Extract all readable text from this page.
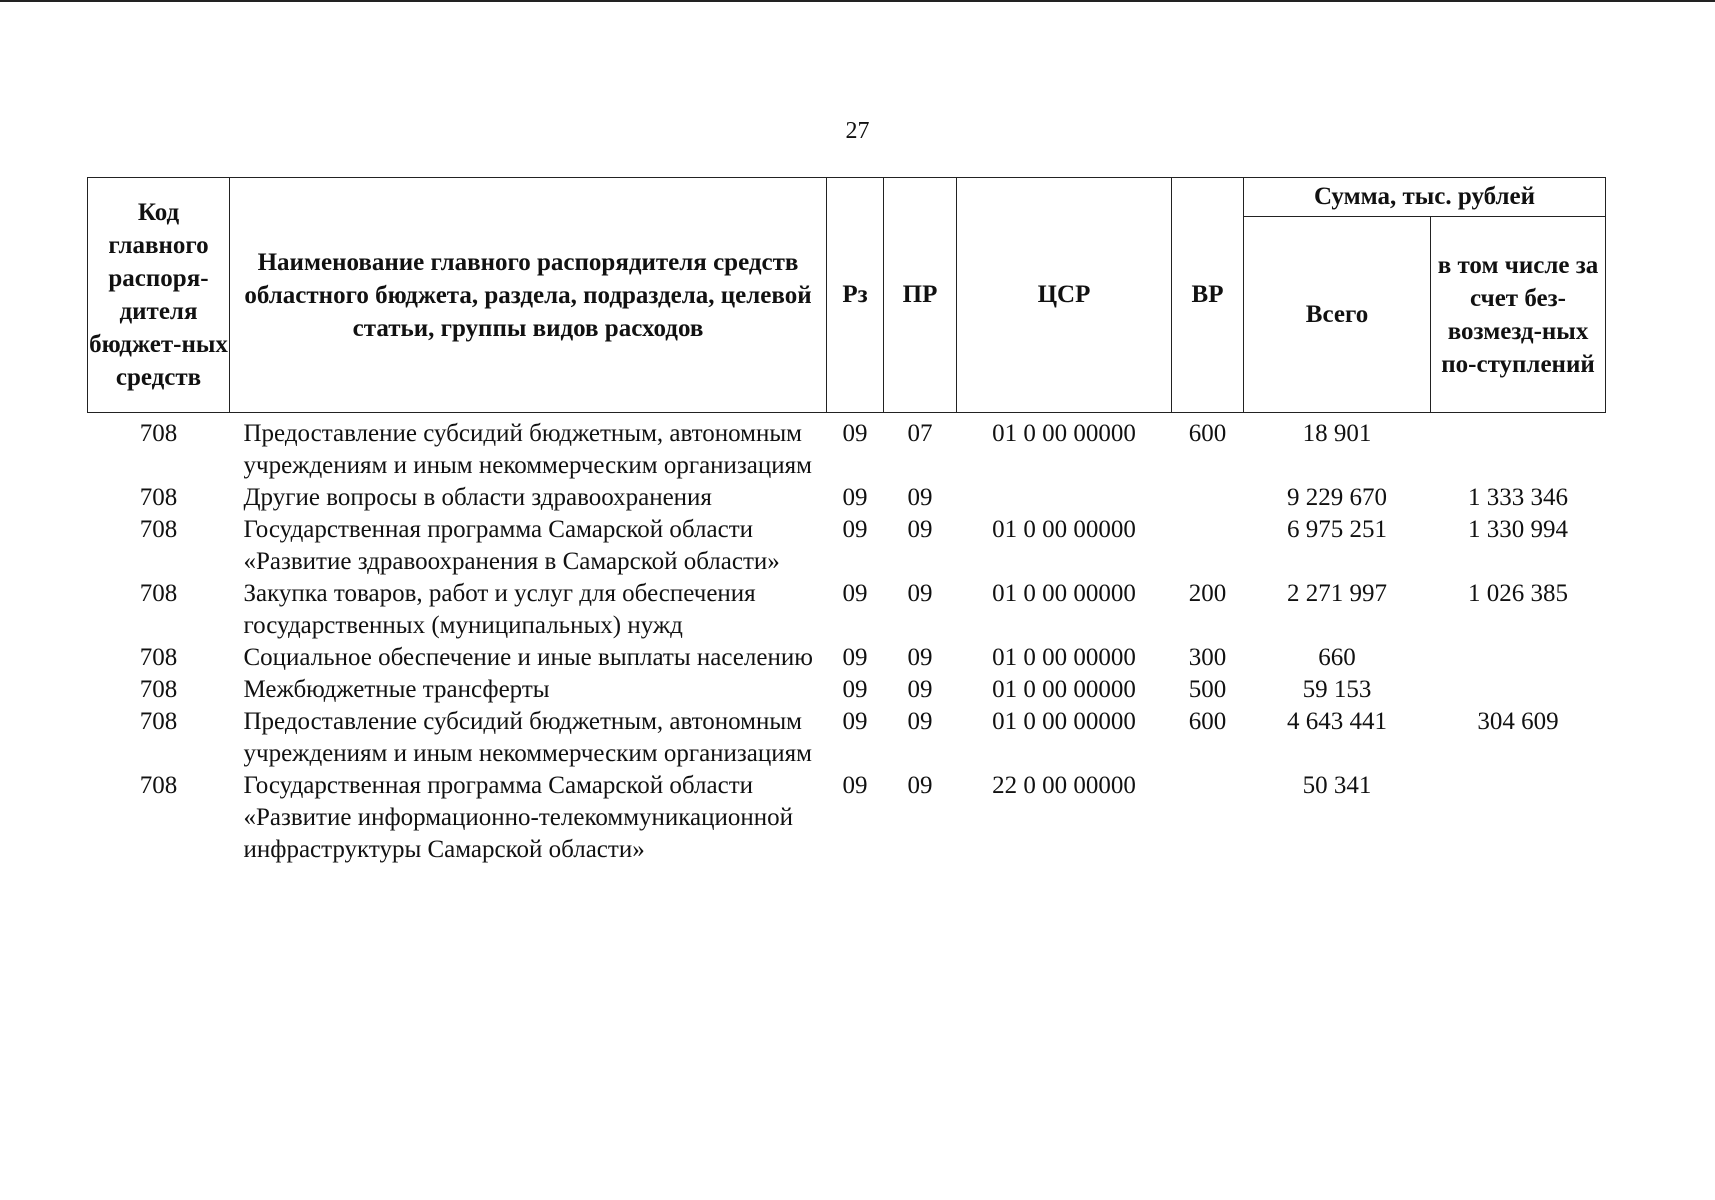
27
Код главного распоря-дителя бюджет-ных средств	Наименование главного распорядителя средств областного бюджета, раздела, подраздела, целевой статьи, группы видов расходов	Рз	ПР	ЦСР	ВР	Сумма, тыс. рублей	
						Всего	в том числе за счет без-возмезд-ных по-ступлений
708	Предоставление субсидий бюджетным, автономным учреждениям и иным некоммерческим организациям	09	07	01 0 00 00000	600	18 901	
708	Другие вопросы в области здравоохранения	09	09			9 229 670	1 333 346
708	Государственная программа Самарской области «Развитие здравоохранения в Самарской области»	09	09	01 0 00 00000		6 975 251	1 330 994
708	Закупка товаров, работ и услуг для обеспечения государственных (муниципальных) нужд	09	09	01 0 00 00000	200	2 271 997	1 026 385
708	Социальное обеспечение и иные выплаты населению	09	09	01 0 00 00000	300	660	
708	Межбюджетные трансферты	09	09	01 0 00 00000	500	59 153	
708	Предоставление субсидий бюджетным, автономным учреждениям и иным некоммерческим организациям	09	09	01 0 00 00000	600	4 643 441	304 609
708	Государственная программа Самарской области «Развитие информационно-телекоммуникационной инфраструктуры Самарской области»	09	09	22 0 00 00000		50 341	
